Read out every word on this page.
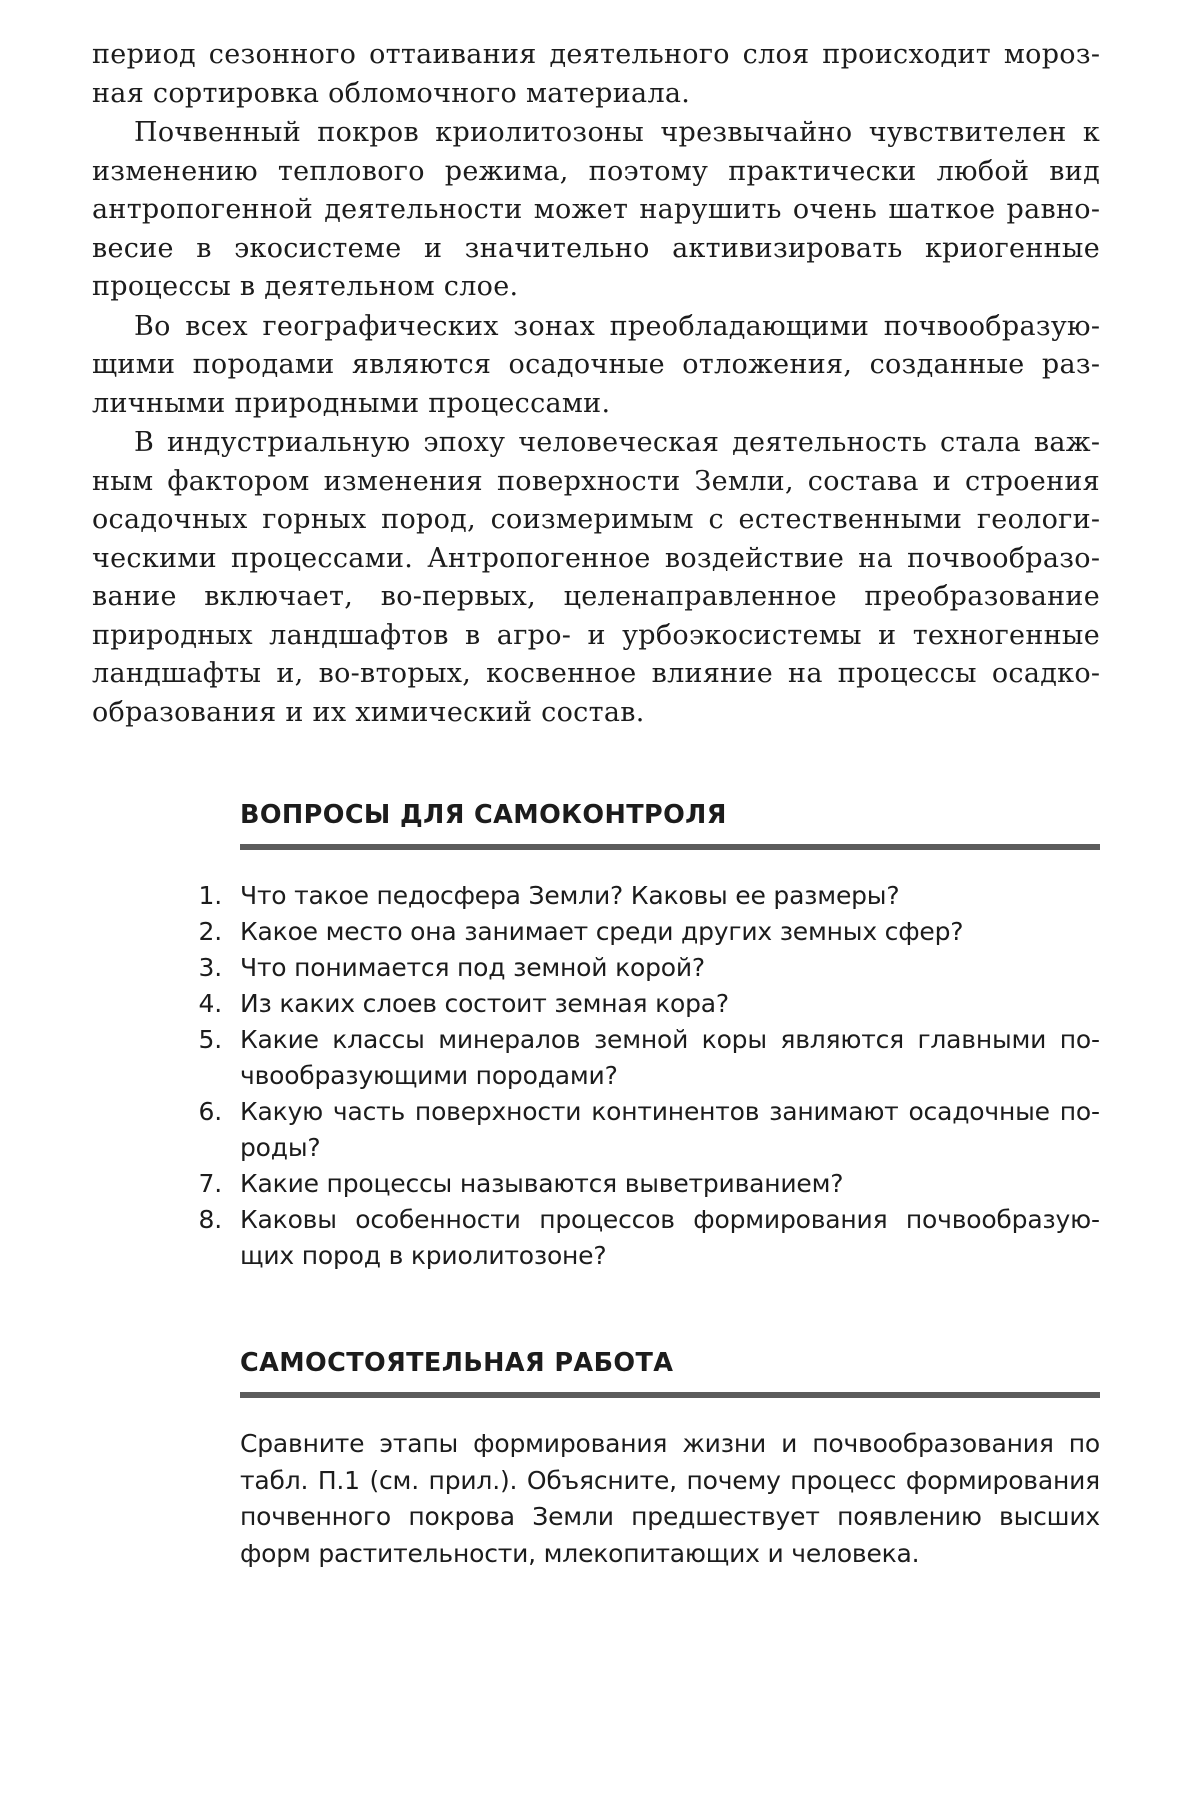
период сезонного оттаивания деятельного слоя происходит морозная сортировка обломочного материала.

Почвенный покров криолитозоны чрезвычайно чувствителен к изменению теплового режима, поэтому практически любой вид антропогенной деятельности может нарушить очень шаткое равновесие в экосистеме и значительно активизировать криогенные процессы в деятельном слое.

Во всех географических зонах преобладающими почвообразующими породами являются осадочные отложения, созданные различными природными процессами.

В индустриальную эпоху человеческая деятельность стала важным фактором изменения поверхности Земли, состава и строения осадочных горных пород, соизмеримым с естественными геологическими процессами. Антропогенное воздействие на почвообразование включает, во-первых, целенаправленное преобразование природных ландшафтов в агро- и урбоэкосистемы и техногенные ландшафты и, во-вторых, косвенное влияние на процессы осадкообразования и их химический состав.

ВОПРОСЫ ДЛЯ САМОКОНТРОЛЯ
1. Что такое педосфера Земли? Каковы ее размеры?
2. Какое место она занимает среди других земных сфер?
3. Что понимается под земной корой?
4. Из каких слоев состоит земная кора?
5. Какие классы минералов земной коры являются главными почвообразующими породами?
6. Какую часть поверхности континентов занимают осадочные породы?
7. Какие процессы называются выветриванием?
8. Каковы особенности процессов формирования почвообразующих пород в криолитозоне?
САМОСТОЯТЕЛЬНАЯ РАБОТА

Сравните этапы формирования жизни и почвообразования по табл. П.1 (см. прил.). Объясните, почему процесс формирования почвенного покрова Земли предшествует появлению высших форм растительности, млекопитающих и человека.
